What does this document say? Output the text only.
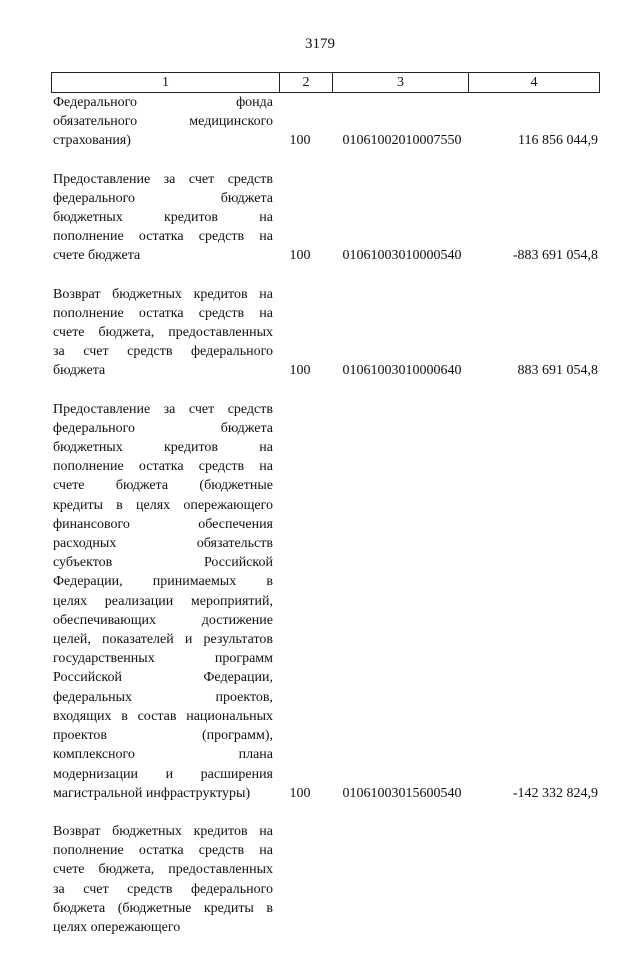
3179
1	2	3	4
Федерального фонда
обязательного медицинского
страхования)	100	01061002010007550	116 856 044,9
Предоставление за счет средств
федерального бюджета
бюджетных кредитов на
пополнение остатка средств на
счете бюджета	100	01061003010000540	-883 691 054,8
Возврат бюджетных кредитов на
пополнение остатка средств на
счете бюджета, предоставленных
за счет средств федерального
бюджета	100	01061003010000640	883 691 054,8
Предоставление за счет средств
федерального бюджета
бюджетных кредитов на
пополнение остатка средств на
счете бюджета (бюджетные
кредиты в целях опережающего
финансового обеспечения
расходных обязательств
субъектов Российской
Федерации, принимаемых в
целях реализации мероприятий,
обеспечивающих достижение
целей, показателей и результатов
государственных программ
Российской Федерации,
федеральных проектов,
входящих в состав национальных
проектов (программ),
комплексного плана
модернизации и расширения
магистральной инфраструктуры)	100	01061003015600540	-142 332 824,9
Возврат бюджетных кредитов на
пополнение остатка средств на
счете бюджета, предоставленных
за счет средств федерального
бюджета (бюджетные кредиты в
целях опережающего
